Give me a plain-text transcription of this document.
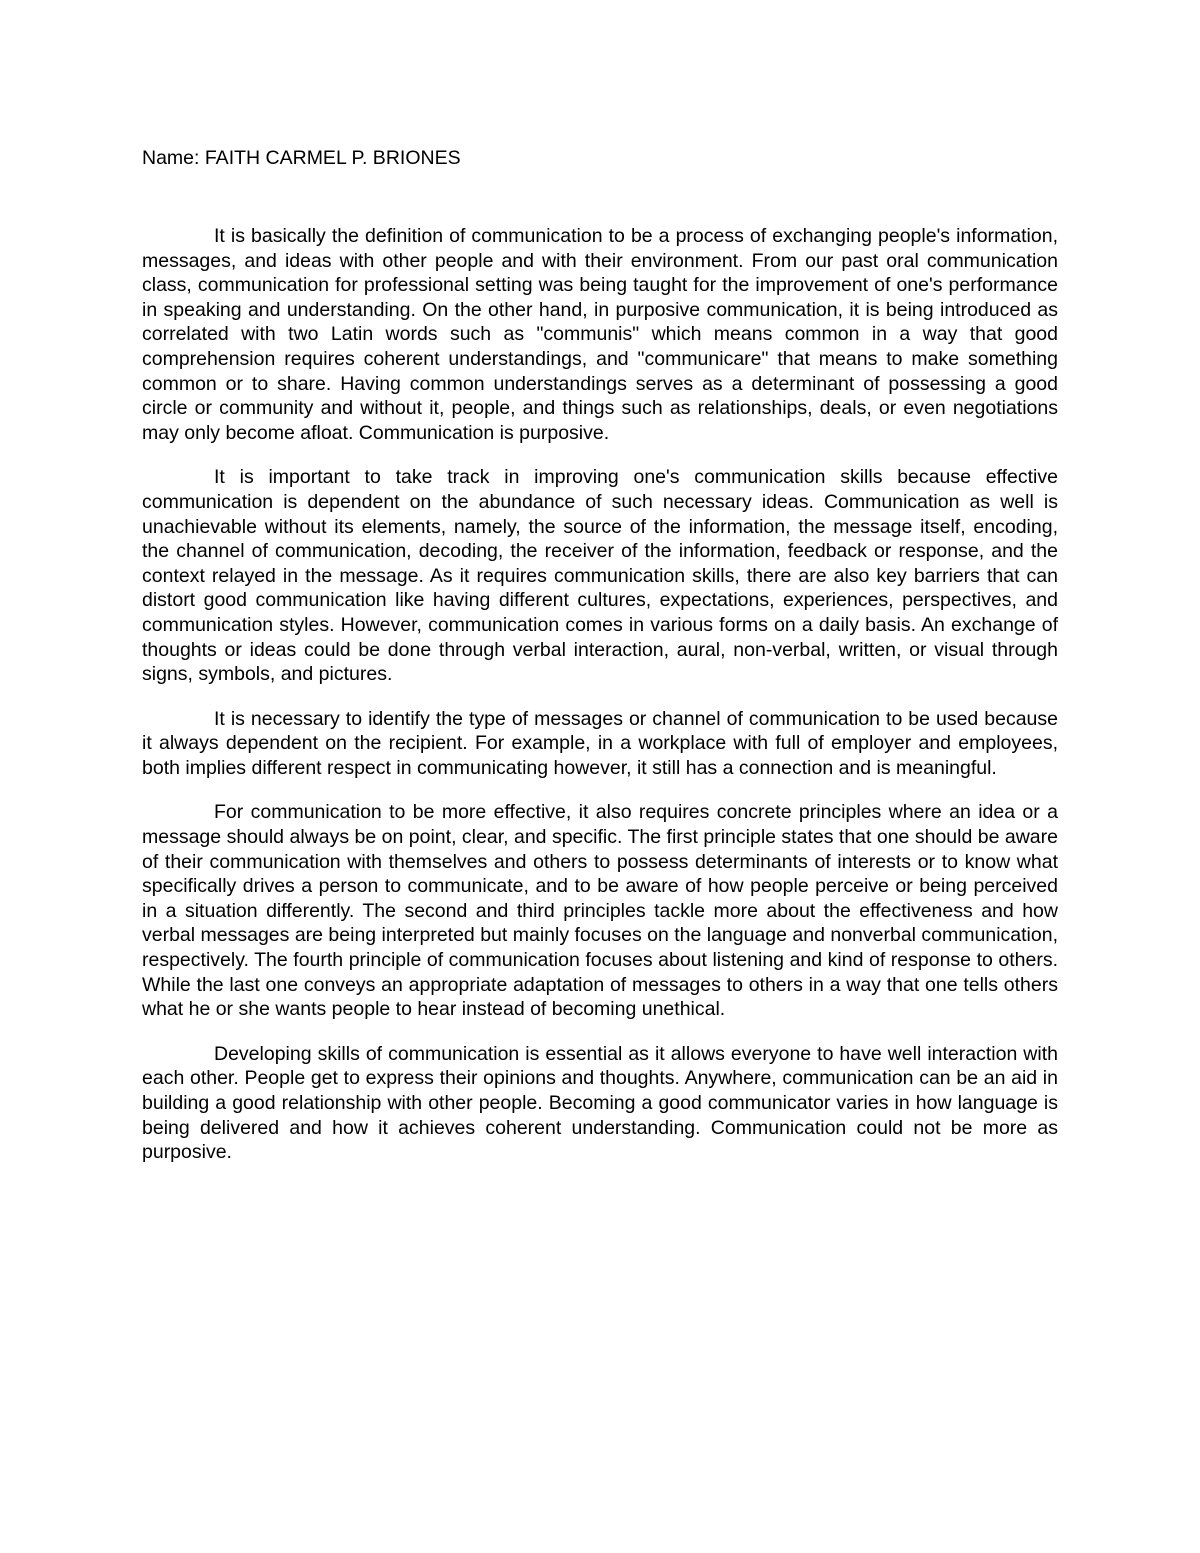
Name: FAITH CARMEL P. BRIONES

It is basically the definition of communication to be a process of exchanging people's information, messages, and ideas with other people and with their environment. From our past oral communication class, communication for professional setting was being taught for the improvement of one's performance in speaking and understanding. On the other hand, in purposive communication, it is being introduced as correlated with two Latin words such as "communis" which means common in a way that good comprehension requires coherent understandings, and "communicare" that means to make something common or to share. Having common understandings serves as a determinant of possessing a good circle or community and without it, people, and things such as relationships, deals, or even negotiations may only become afloat. Communication is purposive.

It is important to take track in improving one's communication skills because effective communication is dependent on the abundance of such necessary ideas. Communication as well is unachievable without its elements, namely, the source of the information, the message itself, encoding, the channel of communication, decoding, the receiver of the information, feedback or response, and the context relayed in the message. As it requires communication skills, there are also key barriers that can distort good communication like having different cultures, expectations, experiences, perspectives, and communication styles. However, communication comes in various forms on a daily basis. An exchange of thoughts or ideas could be done through verbal interaction, aural, non-verbal, written, or visual through signs, symbols, and pictures.

It is necessary to identify the type of messages or channel of communication to be used because it always dependent on the recipient. For example, in a workplace with full of employer and employees, both implies different respect in communicating however, it still has a connection and is meaningful.

For communication to be more effective, it also requires concrete principles where an idea or a message should always be on point, clear, and specific. The first principle states that one should be aware of their communication with themselves and others to possess determinants of interests or to know what specifically drives a person to communicate, and to be aware of how people perceive or being perceived in a situation differently. The second and third principles tackle more about the effectiveness and how verbal messages are being interpreted but mainly focuses on the language and nonverbal communication, respectively. The fourth principle of communication focuses about listening and kind of response to others. While the last one conveys an appropriate adaptation of messages to others in a way that one tells others what he or she wants people to hear instead of becoming unethical.

Developing skills of communication is essential as it allows everyone to have well interaction with each other. People get to express their opinions and thoughts. Anywhere, communication can be an aid in building a good relationship with other people. Becoming a good communicator varies in how language is being delivered and how it achieves coherent understanding. Communication could not be more as purposive.
